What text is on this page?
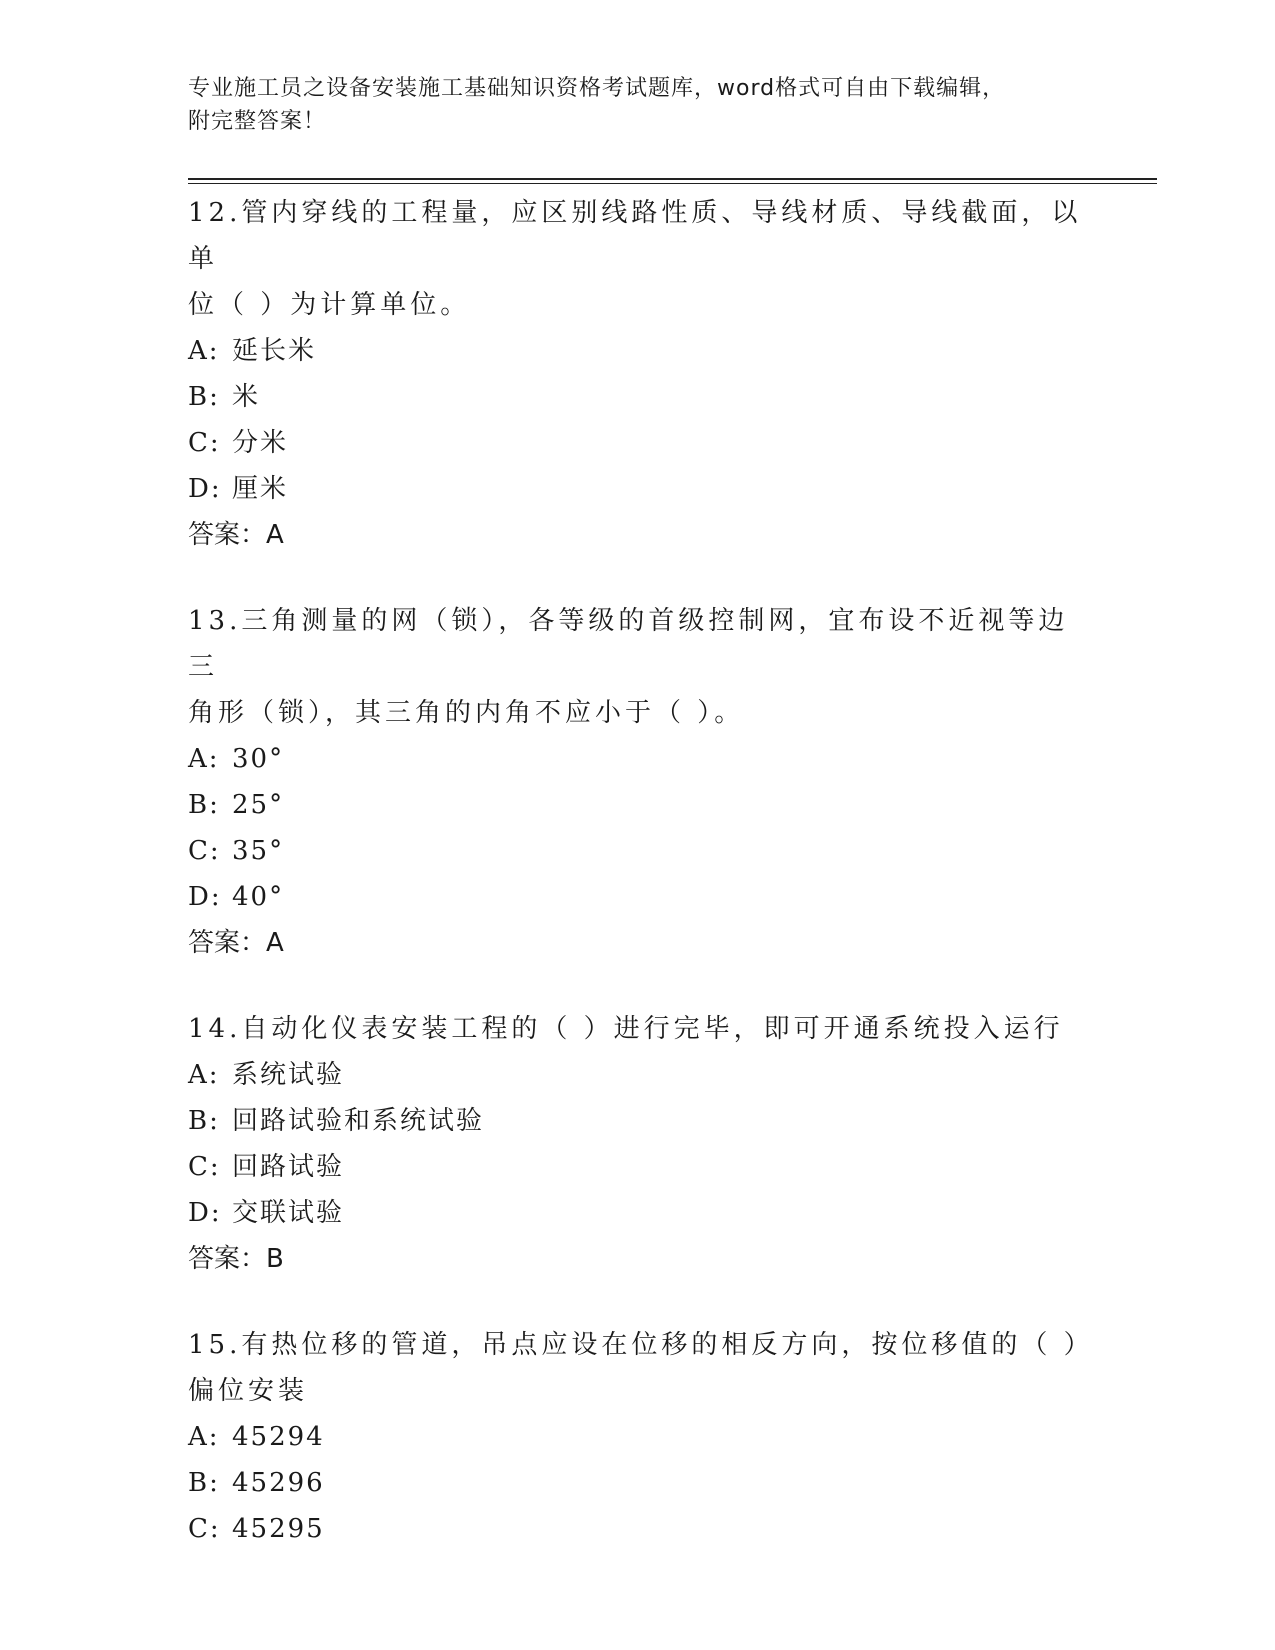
专业施工员之设备安装施工基础知识资格考试题库，word格式可自由下载编辑，
附完整答案！
12.管内穿线的工程量，应区别线路性质、导线材质、导线截面，以单
位（ ）为计算单位。
A: 延长米
B: 米
C: 分米
D: 厘米
答案：A
13.三角测量的网（锁），各等级的首级控制网，宜布设不近视等边三
角形（锁），其三角的内角不应小于（ ）。
A: 30°
B: 25°
C: 35°
D: 40°
答案：A
14.自动化仪表安装工程的（ ）进行完毕，即可开通系统投入运行
A: 系统试验
B: 回路试验和系统试验
C: 回路试验
D: 交联试验
答案：B
15.有热位移的管道，吊点应设在位移的相反方向，按位移值的（ ）
偏位安装
A: 45294
B: 45296
C: 45295
